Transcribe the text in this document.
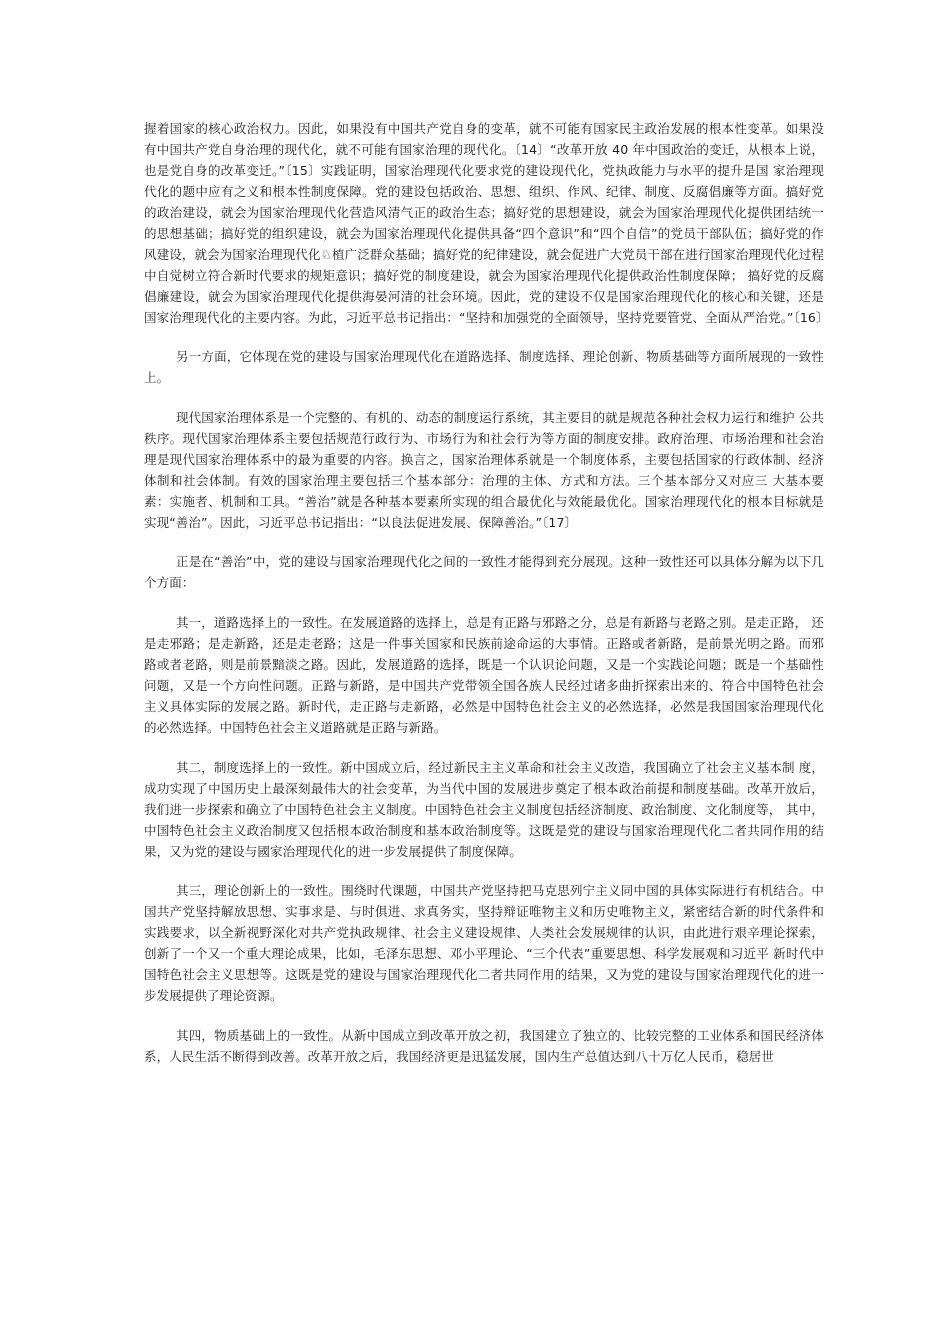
握着国家的核心政治权力。因此，如果没有中国共产党自身的变革，就不可能有国家民主政治发展的根本性变革。如果没有中国共产党自身治理的现代化，就不可能有国家治理的现代化。〔14〕“改革开放 40 年中国政治的变迁，从根本上说，也是党自身的改革变迁。”〔15〕实践证明，国家治理现代化要求党的建设现代化，党执政能力与水平的提升是国 家治理现代化的题中应有之义和根本性制度保障。党的建设包括政治、思想、组织、作风、纪律、制度、反腐倡廉等方面。搞好党的政治建设，就会为国家治理现代化营造风清气正的政治生态；搞好党的思想建设，就会为国家治理现代化提供团结统一的思想基础；搞好党的组织建设，就会为国家治理现代化提供具备“四个意识”和“四个自信”的党员干部队伍；搞好党的作风建设，就会为国家治理现代化♘植广泛群众基础；搞好党的纪律建设，就会促进广大党员干部在进行国家治理现代化过程中自觉树立符合新时代要求的规矩意识；搞好党的制度建设，就会为国家治理现代化提供政治性制度保障； 搞好党的反腐倡廉建设，就会为国家治理现代化提供海晏河清的社会环境。因此，党的建设不仅是国家治理现代化的核心和关键，还是国家治理现代化的主要内容。为此，习近平总书记指出：“坚持和加强党的全面领导，坚持党要管党、全面从严治党。”〔16〕

另一方面，它体现在党的建设与国家治理现代化在道路选择、制度选择、理论创新、物质基础等方面所展现的一致性上。

现代国家治理体系是一个完整的、有机的、动态的制度运行系统，其主要目的就是规范各种社会权力运行和维护 公共秩序。现代国家治理体系主要包括规范行政行为、市场行为和社会行为等方面的制度安排。政府治理、市场治理和社会治理是现代国家治理体系中的最为重要的内容。换言之，国家治理体系就是一个制度体系，主要包括国家的行政体制、经济体制和社会体制。有效的国家治理主要包括三个基本部分：治理的主体、方式和方法。三个基本部分又对应三 大基本要素：实施者、机制和工具。“善治”就是各种基本要素所实现的组合最优化与效能最优化。国家治理现代化的根本目标就是实现“善治”。因此，习近平总书记指出：“以良法促进发展、保障善治。”〔17〕

正是在“善治”中，党的建设与国家治理现代化之间的一致性才能得到充分展现。这种一致性还可以具体分解为以下几个方面：

其一，道路选择上的一致性。在发展道路的选择上，总是有正路与邪路之分，总是有新路与老路之别。是走正路， 还是走邪路；是走新路，还是走老路；这是一件事关国家和民族前途命运的大事情。正路或者新路，是前景光明之路。而邪路或者老路，则是前景黯淡之路。因此，发展道路的选择，既是一个认识论问题，又是一个实践论问题；既是一个基础性问题，又是一个方向性问题。正路与新路，是中国共产党带领全国各族人民经过诸多曲折探索出来的、符合中国特色社会主义具体实际的发展之路。新时代，走正路与走新路，必然是中国特色社会主义的必然选择，必然是我国国家治理现代化的必然选择。中国特色社会主义道路就是正路与新路。

其二，制度选择上的一致性。新中国成立后，经过新民主主义革命和社会主义改造，我国确立了社会主义基本制 度，成功实现了中国历史上最深刻最伟大的社会变革，为当代中国的发展进步奠定了根本政治前提和制度基础。改革开放后，我们进一步探索和确立了中国特色社会主义制度。中国特色社会主义制度包括经济制度、政治制度、文化制度等， 其中，中国特色社会主义政治制度又包括根本政治制度和基本政治制度等。这既是党的建设与国家治理现代化二者共同作用的结果，又为党的建设与國家治理现代化的进一步发展提供了制度保障。

其三，理论创新上的一致性。围绕时代课题，中国共产党坚持把马克思列宁主义同中国的具体实际进行有机结合。中国共产党坚持解放思想、实事求是、与时俱进、求真务实，坚持辩证唯物主义和历史唯物主义，紧密结合新的时代条件和实践要求，以全新视野深化对共产党执政规律、社会主义建设规律、人类社会发展规律的认识，由此进行艰辛理论探索，创新了一个又一个重大理论成果，比如，毛泽东思想、邓小平理论、“三个代表”重要思想、科学发展观和习近平 新时代中国特色社会主义思想等。这既是党的建设与国家治理现代化二者共同作用的结果，又为党的建设与国家治理现代化的进一步发展提供了理论资源。

其四，物质基础上的一致性。从新中国成立到改革开放之初，我国建立了独立的、比较完整的工业体系和国民经济体系，人民生活不断得到改善。改革开放之后，我国经济更是迅猛发展，国内生产总值达到八十万亿人民币，稳居世
